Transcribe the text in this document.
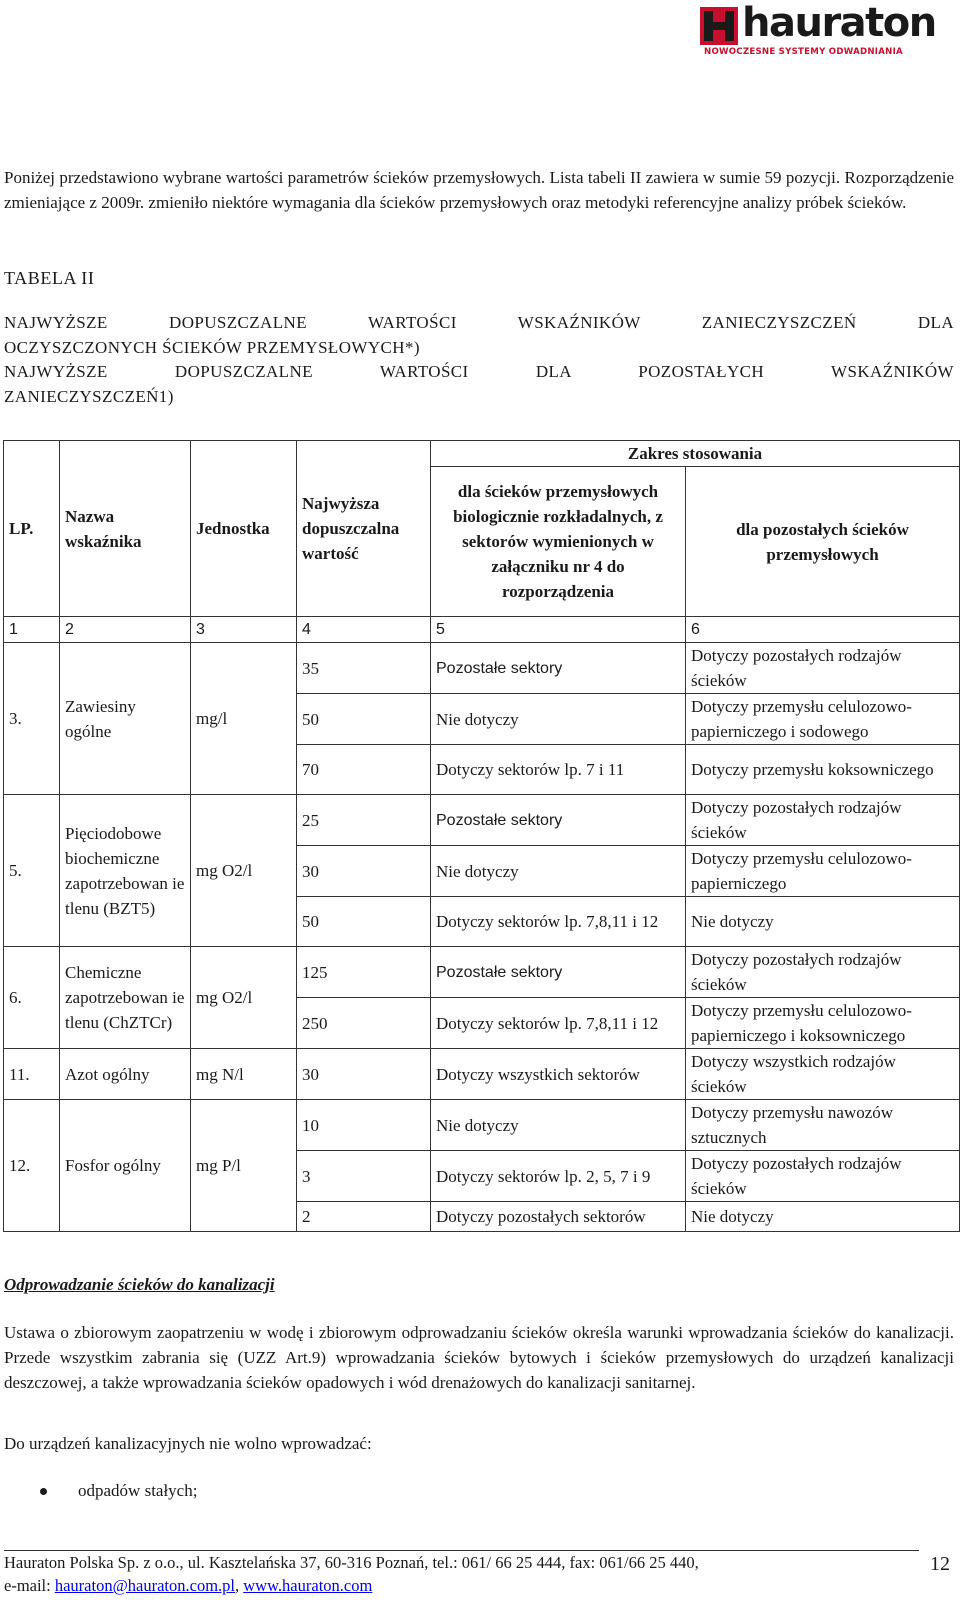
hauraton
NOWOCZESNE SYSTEMY ODWADNIANIA

Poniżej przedstawiono wybrane wartości parametrów ścieków przemysłowych. Lista tabeli II zawiera w sumie 59 pozycji. Rozporządzenie zmieniające z 2009r. zmieniło niektóre wymagania dla ścieków przemysłowych oraz metodyki referencyjne analizy próbek ścieków.

TABELA II
NAJWYŻSZE DOPUSZCZALNE WARTOŚCI WSKAŹNIKÓW ZANIECZYSZCZEŃ DLA
OCZYSZCZONYCH ŚCIEKÓW PRZEMYSŁOWYCH*)
NAJWYŻSZE DOPUSZCZALNE WARTOŚCI DLA POZOSTAŁYCH WSKAŹNIKÓW
ZANIECZYSZCZEŃ1)
LP.	Nazwa wskaźnika	Jednostka	Najwyższa dopuszczalna wartość	Zakres stosowania	
				dla ścieków przemysłowych biologicznie rozkładalnych, z sektorów wymienionych w załączniku nr 4 do rozporządzenia	dla pozostałych ścieków przemysłowych
1	2	3	4	5	6
3.	Zawiesiny ogólne	mg/l	35	Pozostałe sektory	Dotyczy pozostałych rodzajów ścieków
			50	Nie dotyczy	Dotyczy przemysłu celulozowo-papierniczego i sodowego
			70	Dotyczy sektorów lp. 7 i 11	Dotyczy przemysłu koksowniczego
5.	Pięciodobowe biochemiczne zapotrzebowan ie tlenu (BZT5)	mg O2/l	25	Pozostałe sektory	Dotyczy pozostałych rodzajów ścieków
			30	Nie dotyczy	Dotyczy przemysłu celulozowo-papierniczego
			50	Dotyczy sektorów lp. 7,8,11 i 12	Nie dotyczy
6.	Chemiczne zapotrzebowan ie tlenu (ChZTCr)	mg O2/l	125	Pozostałe sektory	Dotyczy pozostałych rodzajów ścieków
			250	Dotyczy sektorów lp. 7,8,11 i 12	Dotyczy przemysłu celulozowo-papierniczego i koksowniczego
11.	Azot ogólny	mg N/l	30	Dotyczy wszystkich sektorów	Dotyczy wszystkich rodzajów ścieków
12.	Fosfor ogólny	mg P/l	10	Nie dotyczy	Dotyczy przemysłu nawozów sztucznych
			3	Dotyczy sektorów lp. 2, 5, 7 i 9	Dotyczy pozostałych rodzajów ścieków
			2	Dotyczy pozostałych sektorów	Nie dotyczy
Odprowadzanie ścieków do kanalizacji

Ustawa o zbiorowym zaopatrzeniu w wodę i zbiorowym odprowadzaniu ścieków określa warunki wprowadzania ścieków do kanalizacji. Przede wszystkim zabrania się (UZZ Art.9) wprowadzania ścieków bytowych i ścieków przemysłowych do urządzeń kanalizacji deszczowej, a także wprowadzania ścieków opadowych i wód drenażowych do kanalizacji sanitarnej.

Do urządzeń kanalizacyjnych nie wolno wprowadzać:

odpadów stałych;
Hauraton Polska Sp. z o.o., ul. Kasztelańska 37, 60-316 Poznań, tel.: 061/ 66 25 444, fax: 061/66 25 440,
e-mail: hauraton@hauraton.com.pl, www.hauraton.com
12
